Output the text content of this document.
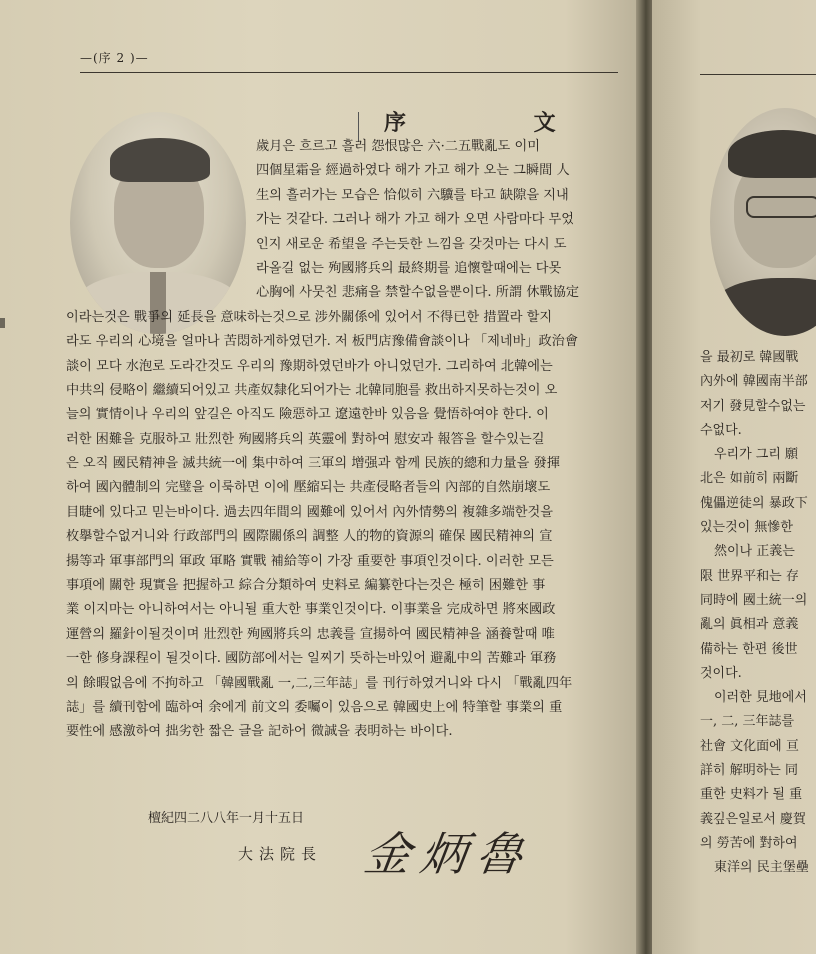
—(序 2 )—
序 文
歲月은 흐르고 흘러 怨恨많은 六·二五戰亂도 이미
四個星霜을 經過하였다 해가 가고 해가 오는 그瞬間 人
生의 흘러가는 모습은 恰似히 六驥를 타고 缺隙을 지내
가는 것같다. 그러나 해가 가고 해가 오면 사람마다 무었
인지 새로운 希望을 주는듯한 느낌을 갖것마는 다시 도
라올길 없는 殉國將兵의 最終期를 追懷할때에는 다못
心胸에 사뭇친 悲痛을 禁할수없을뿐이다. 所謂 休戰協定
이라는것은 戰爭의 延長을 意味하는것으로 涉外關係에 있어서 不得已한 措置라 할지
라도 우리의 心境을 얼마나 苦悶하게하였던가. 저 板門店豫備會談이나 「제네바」政治會
談이 모다 水泡로 도라간것도 우리의 豫期하였던바가 아니었던가. 그리하여 北韓에는
中共의 侵略이 繼續되어있고 共產奴隸化되어가는 北韓同胞를 救出하지못하는것이 오
늘의 實情이나 우리의 앞길은 아직도 險惡하고 遼遠한바 있음을 覺悟하여야 한다. 이
러한 困難을 克服하고 壯烈한 殉國將兵의 英靈에 對하여 慰安과 報答을 할수있는길
은 오직 國民精神을 滅共統一에 集中하여 三軍의 增强과 함께 民族的總和力量을 發揮
하여 國內體制의 完璧을 이룩하면 이에 壓縮되는 共產侵略者들의 內部的自然崩壞도
目睫에 있다고 믿는바이다. 過去四年間의 國難에 있어서 內外情勢의 複雜多端한것을
枚擧할수없거니와 行政部門의 國際關係의 調整 人的物的資源의 確保 國民精神의 宣
揚等과 軍事部門의 軍政 軍略 實戰 補給等이 가장 重要한 事項인것이다. 이러한 모든
事項에 關한 現實을 把握하고 綜合分類하여 史料로 編纂한다는것은 極히 困難한 事
業 이지마는 아니하여서는 아니될 重大한 事業인것이다. 이事業을 完成하면 將來國政
運營의 羅針이될것이며 壯烈한 殉國將兵의 忠義를 宣揚하여 國民精神을 涵養할때 唯
一한 修身課程이 될것이다. 國防部에서는 일찌기 뜻하는바있어 避亂中의 苦難과 軍務
의 餘暇없음에 不拘하고 「韓國戰亂 一,二,三年誌」를 刊行하였거니와 다시 「戰亂四年
誌」를 續刊함에 臨하여 余에게 前文의 委囑이 있음으로 韓國史上에 特筆할 事業의 重
要性에 感激하여 拙劣한 짧은 글을 記하어 微誠을 表明하는 바이다.
檀紀四二八八年一月十五日
大法院長 金炳魯
을 最初로 韓國戰
內外에 韓國南半部
저기 發見할수없는
수없다.
우리가 그리 願
北은 如前히 兩斷
傀儡逆徒의 暴政下
있는것이 無慘한
然이나 正義는
限 世界平和는 存
同時에 國土統一의
亂의 眞相과 意義
備하는 한편 後世
것이다.
이러한 見地에서
一, 二, 三年誌를
社會 文化面에 亘
詳히 解明하는 同
重한 史料가 될 重
義깊은일로서 慶賀
의 勞苦에 對하여
東洋의 民主堡壘
